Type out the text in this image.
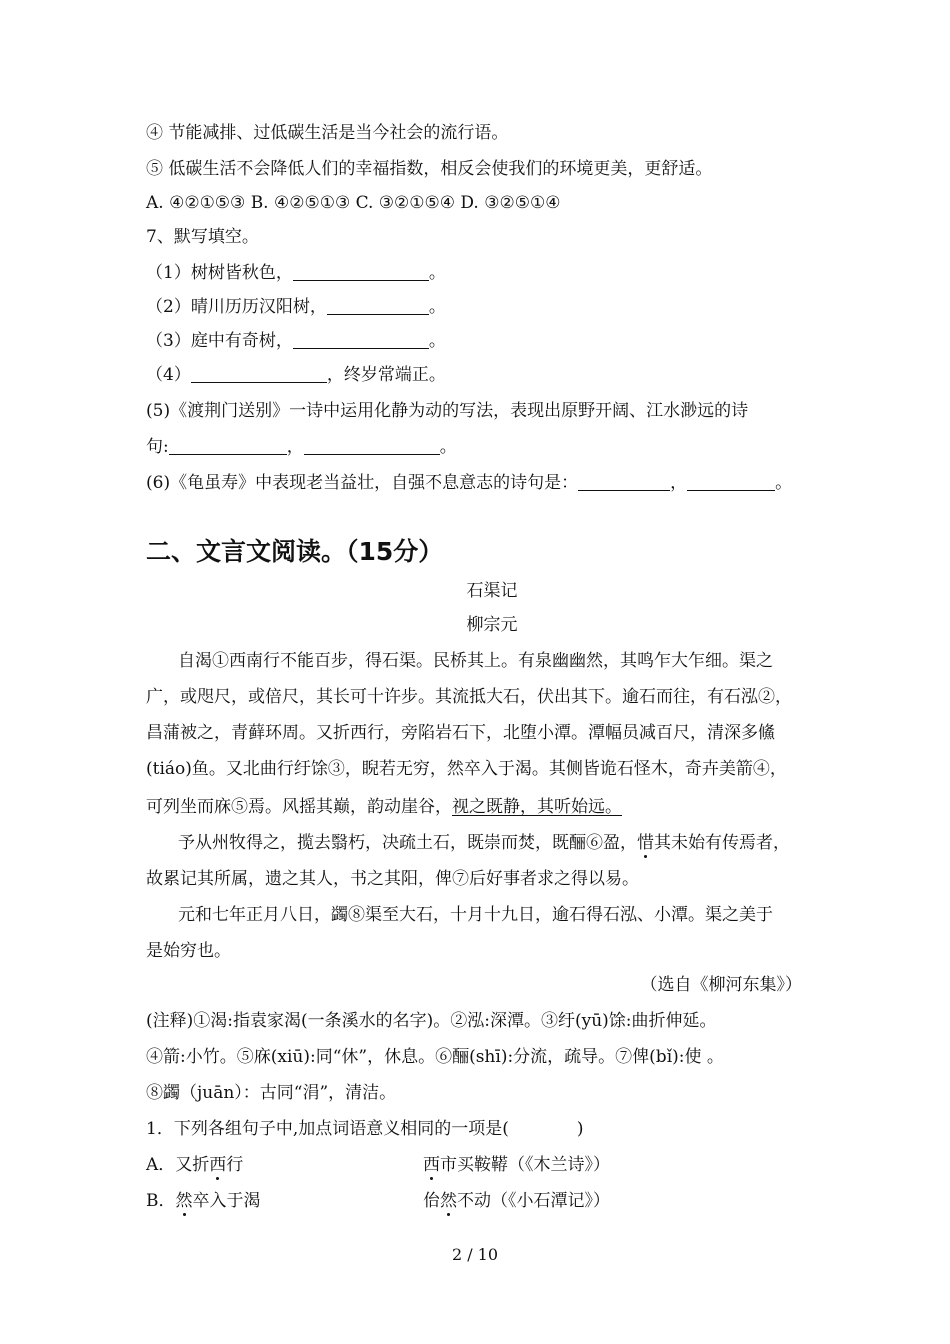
④ 节能减排、过低碳生活是当今社会的流行语。
⑤ 低碳生活不会降低人们的幸福指数，相反会使我们的环境更美，更舒适。
A. ④②①⑤③ B. ④②⑤①③ C. ③②①⑤④ D. ③②⑤①④
7、默写填空。
（1）树树皆秋色，	。
（2）晴川历历汉阳树，	。
（3）庭中有奇树，	。
（4）	，终岁常端正。
(5)《渡荆门送别》一诗中运用化静为动的写法，表现出原野开阔、江水渺远的诗
句:	，	。
(6)《龟虽寿》中表现老当益壮，自强不息意志的诗句是：	，	。
二、文言文阅读。（15分）
石渠记
柳宗元
自渴①西南行不能百步，得石渠。民桥其上。有泉幽幽然，其鸣乍大乍细。渠之
广，或咫尺，或倍尺，其长可十许步。其流抵大石，伏出其下。逾石而往，有石泓②，
昌蒲被之，青藓环周。又折西行，旁陷岩石下，北堕小潭。潭幅员减百尺，清深多鯈
(tiáo)鱼。又北曲行纡馀③，睨若无穷，然卒入于渴。其侧皆诡石怪木，奇卉美箭④，
可列坐而庥⑤焉。风摇其巅，韵动崖谷，视之既静，其听始远。
予从州牧得之，揽去翳朽，决疏土石，既崇而焚，既酾⑥盈，惜其未始有传焉者，
故累记其所属，遗之其人，书之其阳，俾⑦后好事者求之得以易。
元和七年正月八日，蠲⑧渠至大石，十月十九日，逾石得石泓、小潭。渠之美于
是始穷也。
（选自《柳河东集》）
(注释)①渴:指袁家渴(一条溪水的名字)。②泓:深潭。③纡(yū)馀:曲折伸延。
④箭:小竹。⑤庥(xiū):同“休”，休息。⑥酾(shī):分流，疏导。⑦俾(bǐ):使 。
⑧蠲（juān）：古同“涓”，清洁。
1．下列各组句子中,加点词语意义相同的一项是(　　　　)
A．又折西行	西市买鞍鞯（《木兰诗》）
B．然卒入于渴	佁然不动（《小石潭记》）
2 / 10
